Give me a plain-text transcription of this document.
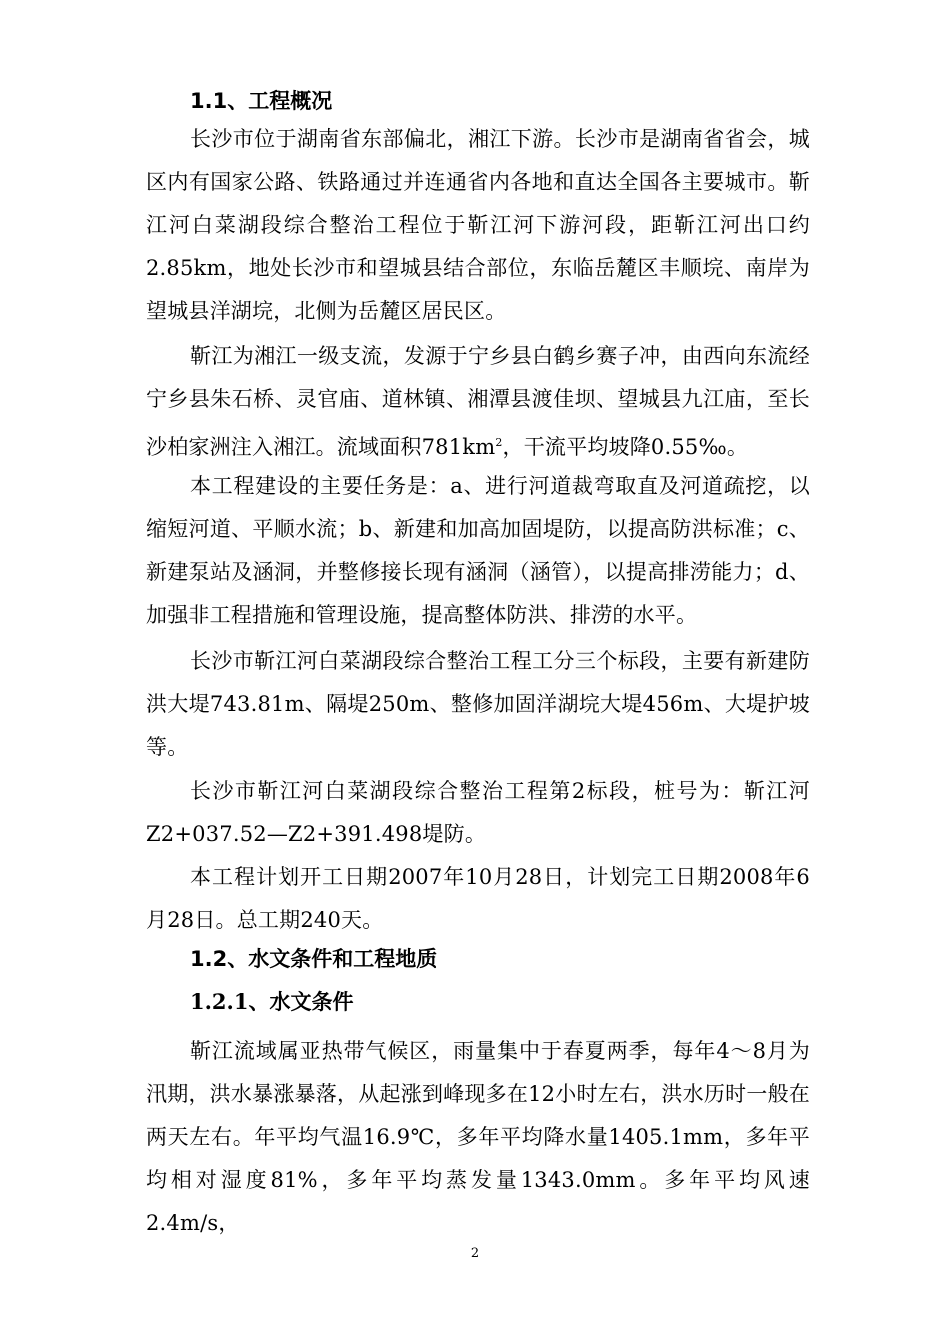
1.1、工程概况

长沙市位于湖南省东部偏北，湘江下游。长沙市是湖南省省会，城区内有国家公路、铁路通过并连通省内各地和直达全国各主要城市。靳江河白菜湖段综合整治工程位于靳江河下游河段，距靳江河出口约2.85km，地处长沙市和望城县结合部位，东临岳麓区丰顺垸、南岸为望城县洋湖垸，北侧为岳麓区居民区。

靳江为湘江一级支流，发源于宁乡县白鹤乡赛子冲，由西向东流经宁乡县朱石桥、灵官庙、道林镇、湘潭县渡佳坝、望城县九江庙，至长沙柏家洲注入湘江。流域面积$781km^2$，干流平均坡降0.55‰。

本工程建设的主要任务是：a、进行河道裁弯取直及河道疏挖，以缩短河道、平顺水流；b、新建和加高加固堤防，以提高防洪标准；c、新建泵站及涵洞，并整修接长现有涵洞（涵管），以提高排涝能力；d、加强非工程措施和管理设施，提高整体防洪、排涝的水平。

长沙市靳江河白菜湖段综合整治工程工分三个标段，主要有新建防洪大堤743.81m、隔堤250m、整修加固洋湖垸大堤456m、大堤护坡等。

长沙市靳江河白菜湖段综合整治工程第2标段，桩号为：靳江河Z2+037.52—Z2+391.498堤防。

本工程计划开工日期2007年10月28日，计划完工日期2008年6月28日。总工期240天。

1.2、水文条件和工程地质
1.2.1、水文条件

靳江流域属亚热带气候区，雨量集中于春夏两季，每年4～8月为汛期，洪水暴涨暴落，从起涨到峰现多在12小时左右，洪水历时一般在两天左右。年平均气温16.9℃，多年平均降水量1405.1mm，多年平均相对湿度81%，多年平均蒸发量1343.0mm。多年平均风速2.4m/s，

2
